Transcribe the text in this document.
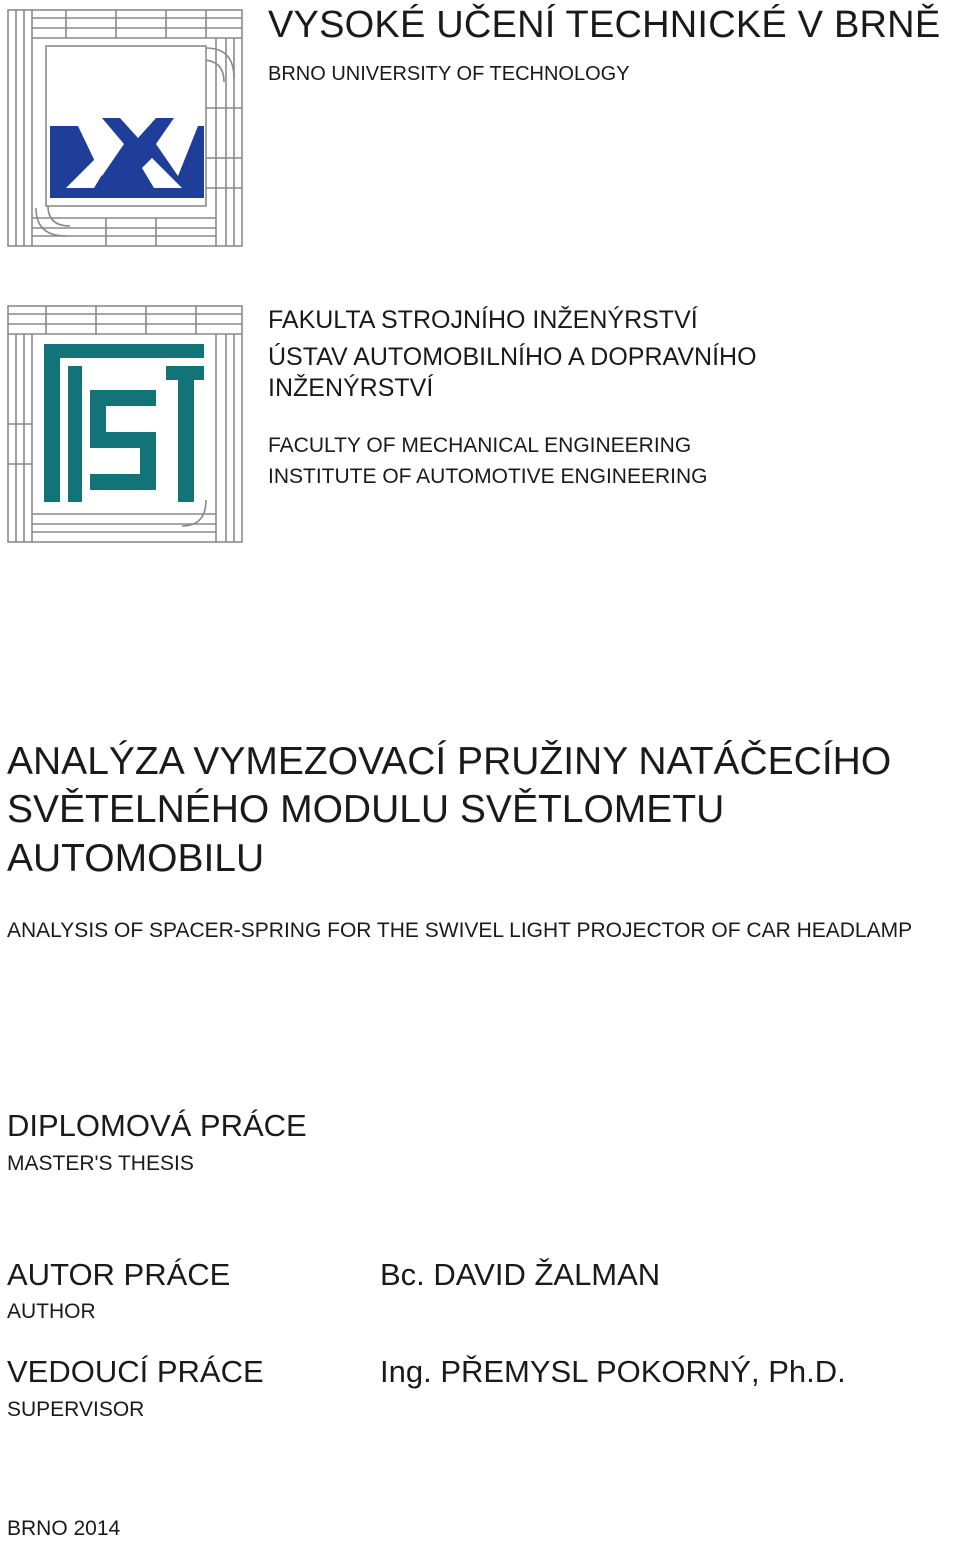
VYSOKÉ UČENÍ TECHNICKÉ V BRNĚ
BRNO UNIVERSITY OF TECHNOLOGY
FAKULTA STROJNÍHO INŽENÝRSTVÍ
ÚSTAV AUTOMOBILNÍHO A DOPRAVNÍHO
INŽENÝRSTVÍ
FACULTY OF MECHANICAL ENGINEERING
INSTITUTE OF AUTOMOTIVE ENGINEERING
ANALÝZA VYMEZOVACÍ PRUŽINY NATÁČECÍHO
SVĚTELNÉHO MODULU SVĚTLOMETU
AUTOMOBILU
ANALYSIS OF SPACER-SPRING FOR THE SWIVEL LIGHT PROJECTOR OF CAR HEADLAMP
DIPLOMOVÁ PRÁCE
MASTER'S THESIS
AUTOR PRÁCE
AUTHOR
Bc. DAVID ŽALMAN
VEDOUCÍ PRÁCE
SUPERVISOR
Ing. PŘEMYSL POKORNÝ, Ph.D.
BRNO 2014
